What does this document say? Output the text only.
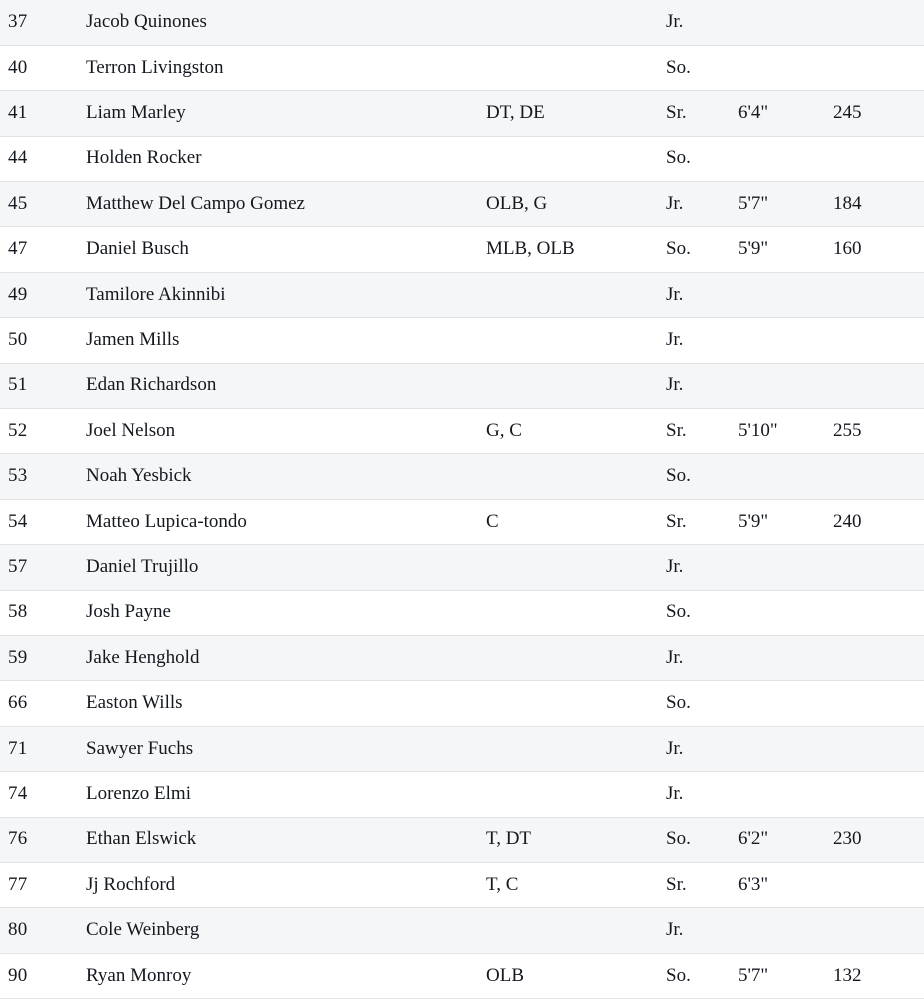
37	Jacob Quinones		Jr.		
40	Terron Livingston		So.		
41	Liam Marley	DT, DE	Sr.	6'4"	245
44	Holden Rocker		So.		
45	Matthew Del Campo Gomez	OLB, G	Jr.	5'7"	184
47	Daniel Busch	MLB, OLB	So.	5'9"	160
49	Tamilore Akinnibi		Jr.		
50	Jamen Mills		Jr.		
51	Edan Richardson		Jr.		
52	Joel Nelson	G, C	Sr.	5'10"	255
53	Noah Yesbick		So.		
54	Matteo Lupica-tondo	C	Sr.	5'9"	240
57	Daniel Trujillo		Jr.		
58	Josh Payne		So.		
59	Jake Henghold		Jr.		
66	Easton Wills		So.		
71	Sawyer Fuchs		Jr.		
74	Lorenzo Elmi		Jr.		
76	Ethan Elswick	T, DT	So.	6'2"	230
77	Jj Rochford	T, C	Sr.	6'3"	
80	Cole Weinberg		Jr.		
90	Ryan Monroy	OLB	So.	5'7"	132
